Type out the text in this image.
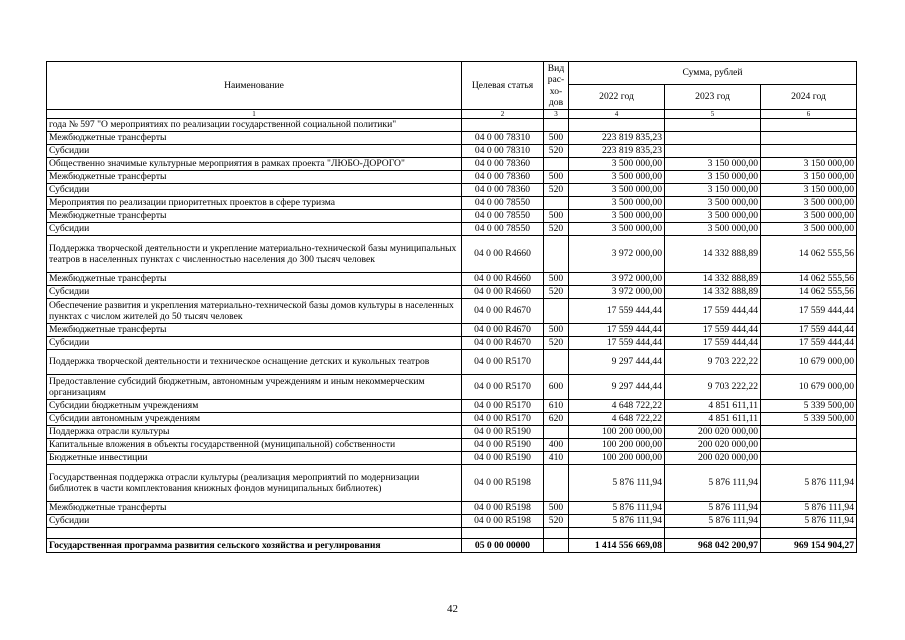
Наименование	Целевая статья	Вид рас-хо-дов	Сумма, рублей		
			2022 год	2023 год	2024 год
1	2	3	4	5	6
года № 597 "О мероприятиях по реализации государственной социальной политики"					
Межбюджетные трансферты	04 0 00 78310	500	223 819 835,23		
Субсидии	04 0 00 78310	520	223 819 835,23		
Общественно значимые культурные мероприятия в рамках проекта "ЛЮБО-ДОРОГО"	04 0 00 78360		3 500 000,00	3 150 000,00	3 150 000,00
Межбюджетные трансферты	04 0 00 78360	500	3 500 000,00	3 150 000,00	3 150 000,00
Субсидии	04 0 00 78360	520	3 500 000,00	3 150 000,00	3 150 000,00
Мероприятия по реализации приоритетных проектов в сфере туризма	04 0 00 78550		3 500 000,00	3 500 000,00	3 500 000,00
Межбюджетные трансферты	04 0 00 78550	500	3 500 000,00	3 500 000,00	3 500 000,00
Субсидии	04 0 00 78550	520	3 500 000,00	3 500 000,00	3 500 000,00
Поддержка творческой деятельности и укрепление материально-технической базы муниципальных театров в населенных пунктах с численностью населения до 300 тысяч человек	04 0 00 R4660		3 972 000,00	14 332 888,89	14 062 555,56
Межбюджетные трансферты	04 0 00 R4660	500	3 972 000,00	14 332 888,89	14 062 555,56
Субсидии	04 0 00 R4660	520	3 972 000,00	14 332 888,89	14 062 555,56
Обеспечение развития и укрепления материально-технической базы домов культуры в населенных пунктах с числом жителей до 50 тысяч человек	04 0 00 R4670		17 559 444,44	17 559 444,44	17 559 444,44
Межбюджетные трансферты	04 0 00 R4670	500	17 559 444,44	17 559 444,44	17 559 444,44
Субсидии	04 0 00 R4670	520	17 559 444,44	17 559 444,44	17 559 444,44
Поддержка творческой деятельности и техническое оснащение детских и кукольных театров	04 0 00 R5170		9 297 444,44	9 703 222,22	10 679 000,00
Предоставление субсидий бюджетным, автономным учреждениям и иным некоммерческим организациям	04 0 00 R5170	600	9 297 444,44	9 703 222,22	10 679 000,00
Субсидии бюджетным учреждениям	04 0 00 R5170	610	4 648 722,22	4 851 611,11	5 339 500,00
Субсидии автономным учреждениям	04 0 00 R5170	620	4 648 722,22	4 851 611,11	5 339 500,00
Поддержка отрасли культуры	04 0 00 R5190		100 200 000,00	200 020 000,00	
Капитальные вложения в объекты государственной (муниципальной) собственности	04 0 00 R5190	400	100 200 000,00	200 020 000,00	
Бюджетные инвестиции	04 0 00 R5190	410	100 200 000,00	200 020 000,00	
Государственная поддержка отрасли культуры (реализация мероприятий по модернизации библиотек в части комплектования книжных фондов муниципальных библиотек)	04 0 00 R5198		5 876 111,94	5 876 111,94	5 876 111,94
Межбюджетные трансферты	04 0 00 R5198	500	5 876 111,94	5 876 111,94	5 876 111,94
Субсидии	04 0 00 R5198	520	5 876 111,94	5 876 111,94	5 876 111,94

Государственная программа развития сельского хозяйства и регулирования	05 0 00 00000		1 414 556 669,08	968 042 200,97	969 154 904,27
42
